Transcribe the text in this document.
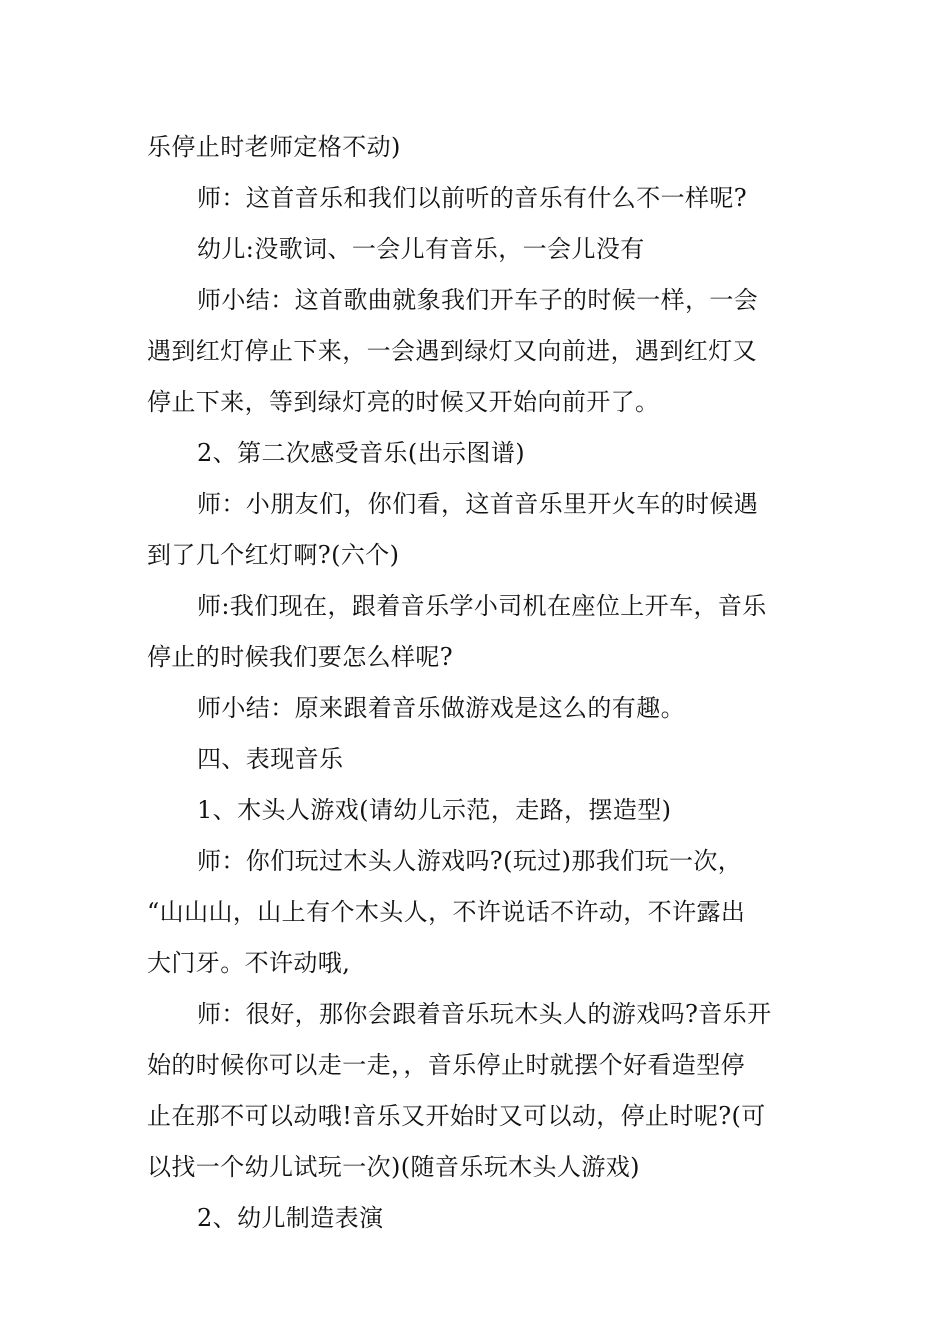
乐停止时老师定格不动)
师：这首音乐和我们以前听的音乐有什么不一样呢?
幼儿:没歌词、一会儿有音乐，一会儿没有
师小结：这首歌曲就象我们开车子的时候一样，一会
遇到红灯停止下来，一会遇到绿灯又向前进，遇到红灯又
停止下来，等到绿灯亮的时候又开始向前开了。
2、第二次感受音乐(出示图谱)
师：小朋友们，你们看，这首音乐里开火车的时候遇
到了几个红灯啊?(六个)
师:我们现在，跟着音乐学小司机在座位上开车，音乐
停止的时候我们要怎么样呢?
师小结：原来跟着音乐做游戏是这么的有趣。
四、表现音乐
1、木头人游戏(请幼儿示范，走路，摆造型)
师：你们玩过木头人游戏吗?(玩过)那我们玩一次，
“山山山，山上有个木头人，不许说话不许动，不许露出
大门牙。不许动哦,
师：很好，那你会跟着音乐玩木头人的游戏吗?音乐开
始的时候你可以走一走，，音乐停止时就摆个好看造型停
止在那不可以动哦!音乐又开始时又可以动，停止时呢?(可
以找一个幼儿试玩一次)(随音乐玩木头人游戏)
2、幼儿制造表演
